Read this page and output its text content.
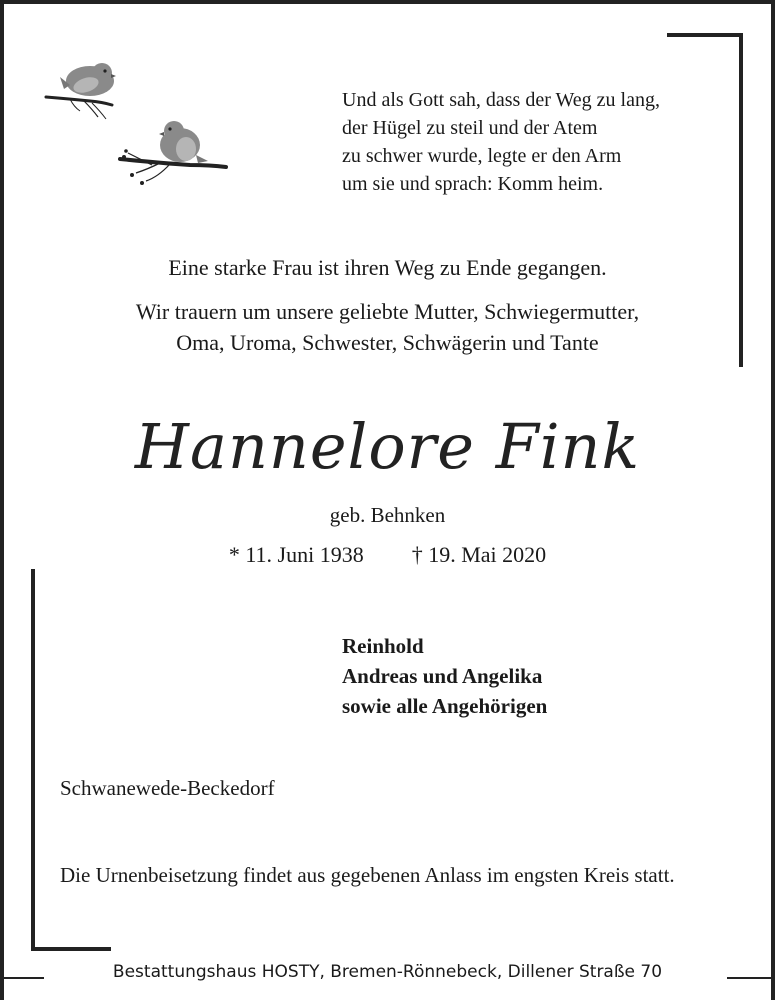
Und als Gott sah, dass der Weg zu lang,
der Hügel zu steil und der Atem
zu schwer wurde, legte er den Arm
um sie und sprach: Komm heim.
Eine starke Frau ist ihren Weg zu Ende gegangen.
Wir trauern um unsere geliebte Mutter, Schwiegermutter,
Oma, Uroma, Schwester, Schwägerin und Tante
Hannelore Fink
geb. Behnken
* 11. Juni 1938 † 19. Mai 2020
Reinhold
Andreas und Angelika
sowie alle Angehörigen
Schwanewede-Beckedorf
Die Urnenbeisetzung findet aus gegebenen Anlass im engsten Kreis statt.
Bestattungshaus HOSTY, Bremen-Rönnebeck, Dillener Straße 70
